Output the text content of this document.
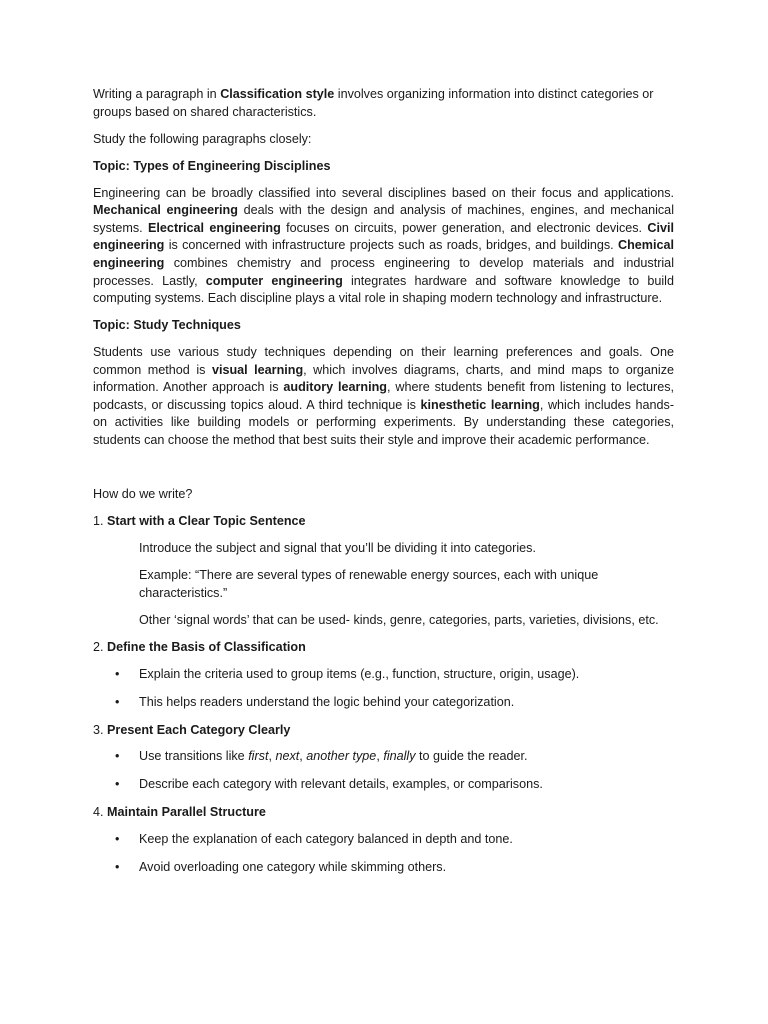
Writing a paragraph in Classification style involves organizing information into distinct categories or groups based on shared characteristics.

Study the following paragraphs closely:

Topic: Types of Engineering Disciplines

Engineering can be broadly classified into several disciplines based on their focus and applications. Mechanical engineering deals with the design and analysis of machines, engines, and mechanical systems. Electrical engineering focuses on circuits, power generation, and electronic devices. Civil engineering is concerned with infrastructure projects such as roads, bridges, and buildings. Chemical engineering combines chemistry and process engineering to develop materials and industrial processes. Lastly, computer engineering integrates hardware and software knowledge to build computing systems. Each discipline plays a vital role in shaping modern technology and infrastructure.

Topic: Study Techniques

Students use various study techniques depending on their learning preferences and goals. One common method is visual learning, which involves diagrams, charts, and mind maps to organize information. Another approach is auditory learning, where students benefit from listening to lectures, podcasts, or discussing topics aloud. A third technique is kinesthetic learning, which includes hands-on activities like building models or performing experiments. By understanding these categories, students can choose the method that best suits their style and improve their academic performance.

How do we write?

1. Start with a Clear Topic Sentence

Introduce the subject and signal that you’ll be dividing it into categories.

Example: “There are several types of renewable energy sources, each with unique characteristics.”

Other ‘signal words’ that can be used- kinds, genre, categories, parts, varieties, divisions, etc.

2. Define the Basis of Classification

• Explain the criteria used to group items (e.g., function, structure, origin, usage).
• This helps readers understand the logic behind your categorization.

3. Present Each Category Clearly

• Use transitions like first, next, another type, finally to guide the reader.
• Describe each category with relevant details, examples, or comparisons.

4. Maintain Parallel Structure

• Keep the explanation of each category balanced in depth and tone.
• Avoid overloading one category while skimming others.
